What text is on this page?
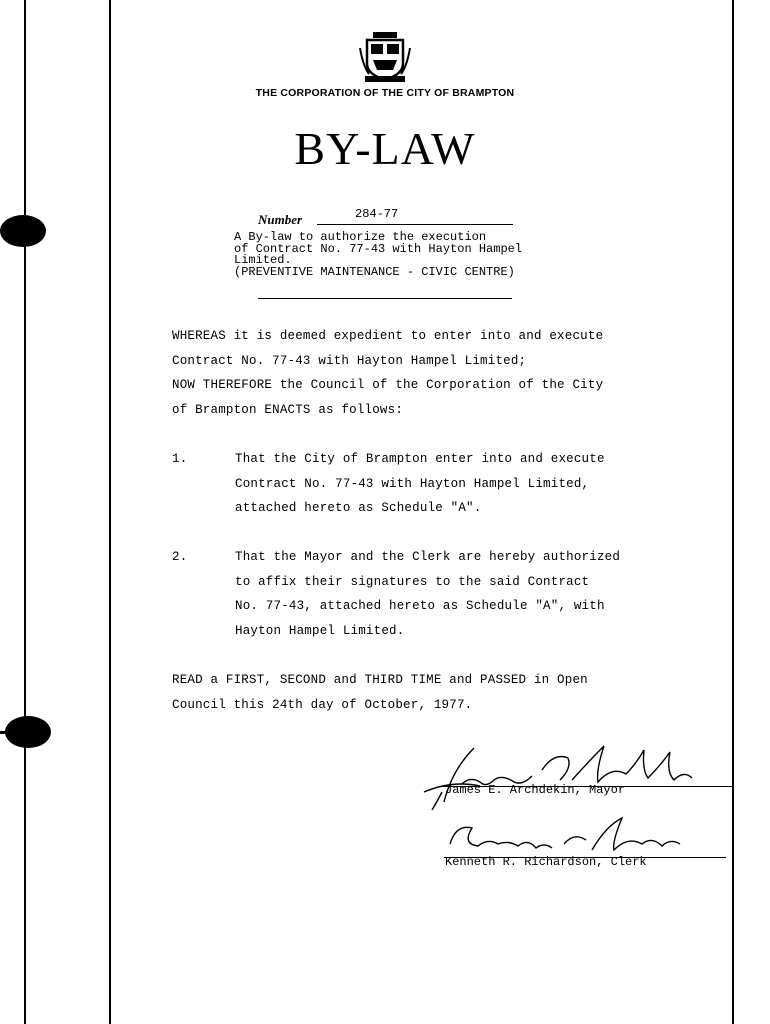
THE CORPORATION OF THE CITY OF BRAMPTON
BY-LAW
Number	284-77
A By-law to authorize the execution
of Contract No. 77-43 with Hayton Hampel
Limited.
(PREVENTIVE MAINTENANCE - CIVIC CENTRE)
WHEREAS it is deemed expedient to enter into and execute
Contract No. 77-43 with Hayton Hampel Limited;
NOW THEREFORE the Council of the Corporation of the City
of Brampton ENACTS as follows:
1.	That the City of Brampton enter into and execute
Contract No. 77-43 with Hayton Hampel Limited,
attached hereto as Schedule "A".
2.	That the Mayor and the Clerk are hereby authorized
to affix their signatures to the said Contract
No. 77-43, attached hereto as Schedule "A", with
Hayton Hampel Limited.
READ a FIRST, SECOND and THIRD TIME and PASSED in Open
Council this 24th day of October, 1977.
James E. Archdekin, Mayor
Kenneth R. Richardson, Clerk
